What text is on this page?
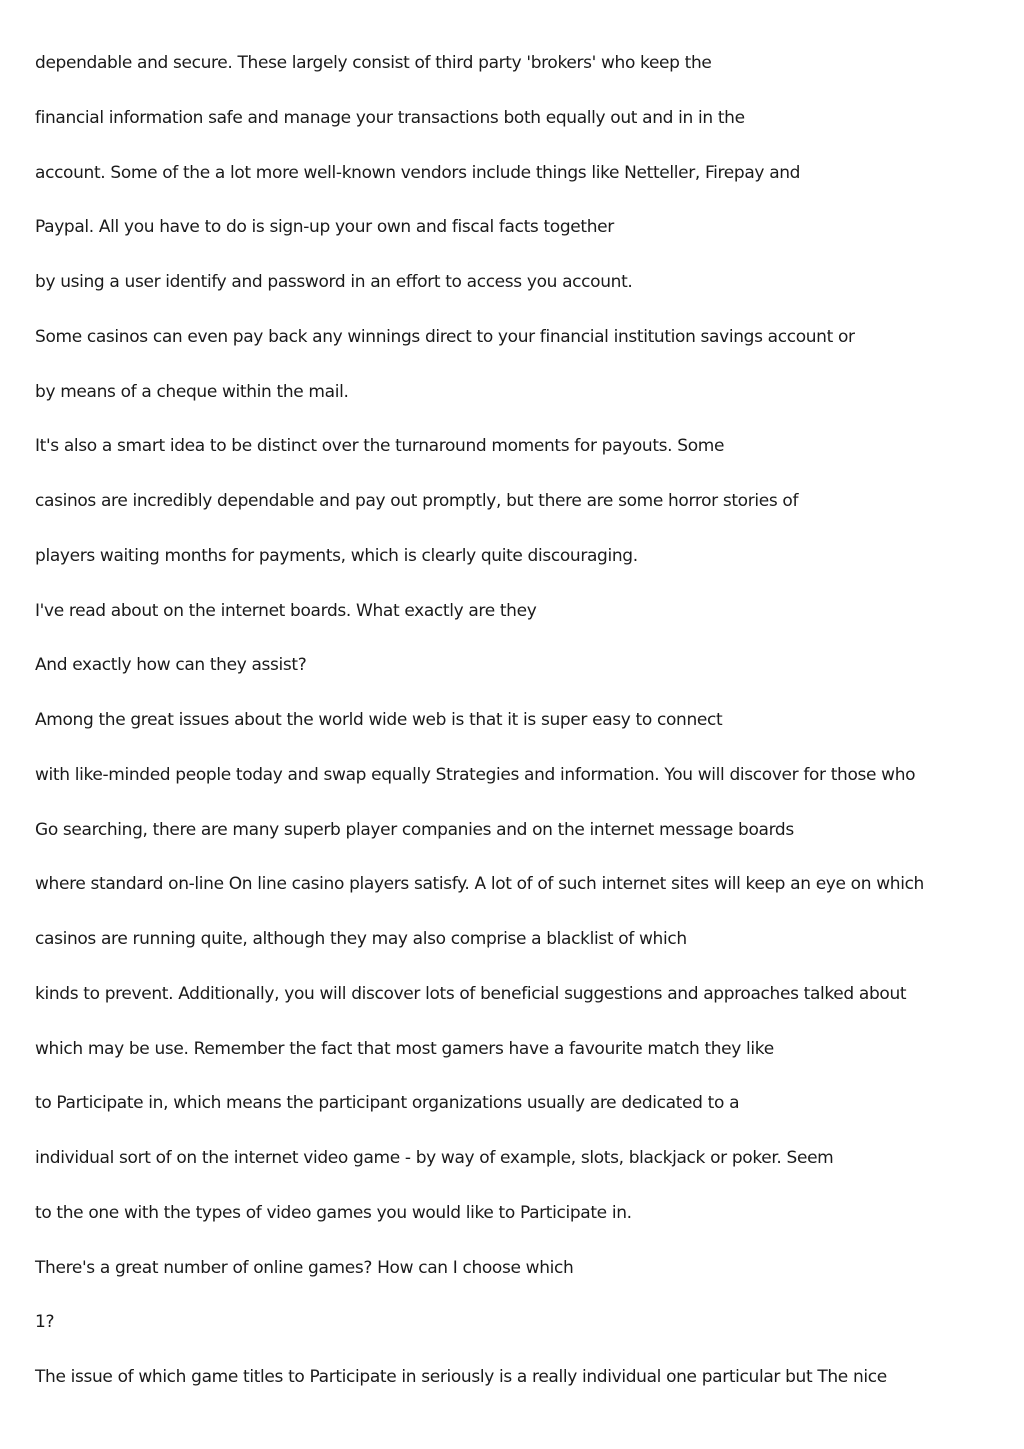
dependable and secure. These largely consist of third party 'brokers' who keep the

financial information safe and manage your transactions both equally out and in in the

account. Some of the a lot more well-known vendors include things like Netteller, Firepay and

Paypal. All you have to do is sign-up your own and fiscal facts together

by using a user identify and password in an effort to access you account.

Some casinos can even pay back any winnings direct to your financial institution savings account or

by means of a cheque within the mail.

It's also a smart idea to be distinct over the turnaround moments for payouts. Some

casinos are incredibly dependable and pay out promptly, but there are some horror stories of

players waiting months for payments, which is clearly quite discouraging.

I've read about on the internet boards. What exactly are they

And exactly how can they assist?

Among the great issues about the world wide web is that it is super easy to connect

with like-minded people today and swap equally Strategies and information. You will discover for those who

Go searching, there are many superb player companies and on the internet message boards

where standard on-line On line casino players satisfy. A lot of of such internet sites will keep an eye on which

casinos are running quite, although they may also comprise a blacklist of which

kinds to prevent. Additionally, you will discover lots of beneficial suggestions and approaches talked about

which may be use. Remember the fact that most gamers have a favourite match they like

to Participate in, which means the participant organizations usually are dedicated to a

individual sort of on the internet video game - by way of example, slots, blackjack or poker. Seem

to the one with the types of video games you would like to Participate in.

There's a great number of online games? How can I choose which

1?

The issue of which game titles to Participate in seriously is a really individual one particular but The nice
